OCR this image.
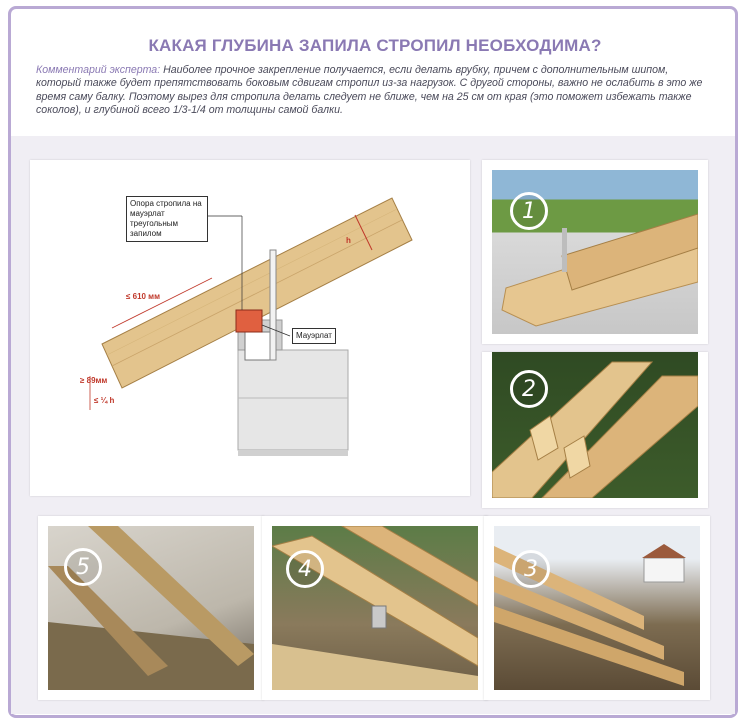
КАКАЯ ГЛУБИНА ЗАПИЛА СТРОПИЛ НЕОБХОДИМА?
Комментарий эксперта: Наиболее прочное закрепление получается, если делать врубку, причем с дополнительным шипом, который также будет препятствовать боковым сдвигам стропил из-за нагрузок. С другой стороны, важно не ослабить в это же время саму балку. Поэтому вырез для стропила делать следует не ближе, чем на 25 см от края (это поможет избежать также соколов), и глубиной всего 1/3-1/4 от толщины самой балки.
Опора стропила на мауэрлат треугольным запилом
Мауэрлат
≤ 610 мм
≥ 89мм
≤ ¼ h
h
1
2
5	4	3
